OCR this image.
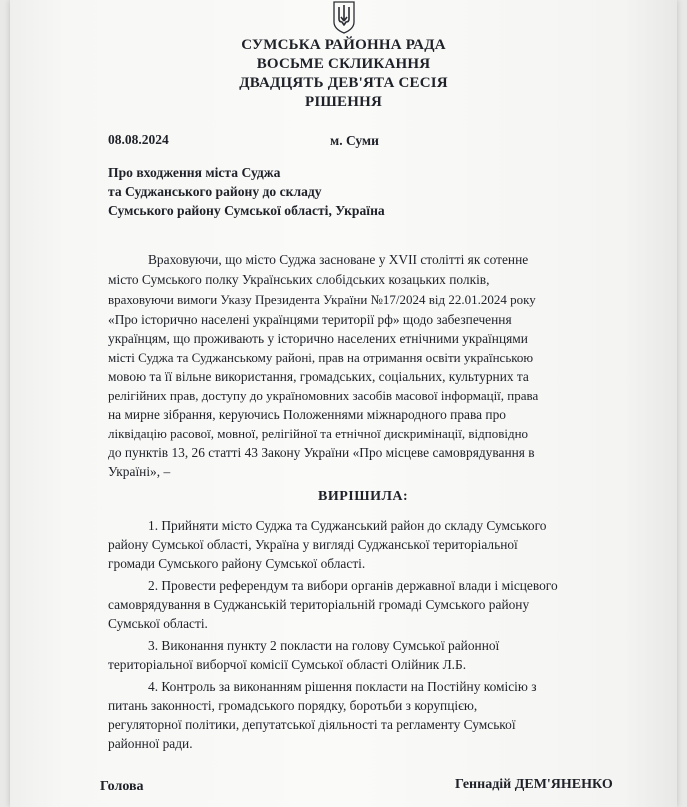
СУМСЬКА РАЙОННА РАДА
ВОСЬМЕ СКЛИКАННЯ
ДВАДЦЯТЬ ДЕВ'ЯТА СЕСІЯ
РІШЕННЯ
08.08.2024	м. Суми
Про входження міста Суджа
та Суджанського району до складу
Сумського району Сумської області, Україна
Враховуючи, що місто Суджа засноване у XVII столітті як сотенне
місто Сумського полку Українських слобідських козацьких полків,
враховуючи вимоги Указу Президента України №17/2024 від 22.01.2024 року
«Про історично населені українцями території рф» щодо забезпечення
українцям, що проживають у історично населених етнічними українцями
місті Суджа та Суджанському районі, прав на отримання освіти українською
мовою та її вільне використання, громадських, соціальних, культурних та
релігійних прав, доступу до україномовних засобів масової інформації, права
на мирне зібрання, керуючись Положеннями міжнародного права про
ліквідацію расової, мовної, релігійної та етнічної дискримінації, відповідно
до пунктів 13, 26 статті 43 Закону України «Про місцеве самоврядування в
Україні», –
ВИРІШИЛА:
1. Прийняти місто Суджа та Суджанський район до складу Сумського
району Сумської області, Україна у вигляді Суджанської територіальної
громади Сумського району Сумської області.
2. Провести референдум та вибори органів державної влади і місцевого
самоврядування в Суджанській територіальній громаді Сумського району
Сумської області.
3. Виконання пункту 2 покласти на голову Сумської районної
територіальної виборчої комісії Сумської області Олійник Л.Б.
4. Контроль за виконанням рішення покласти на Постійну комісію з
питань законності, громадського порядку, боротьби з корупцією,
регуляторної політики, депутатської діяльності та регламенту Сумської
районної ради.
Голова	Геннадій ДЕМ'ЯНЕНКО
